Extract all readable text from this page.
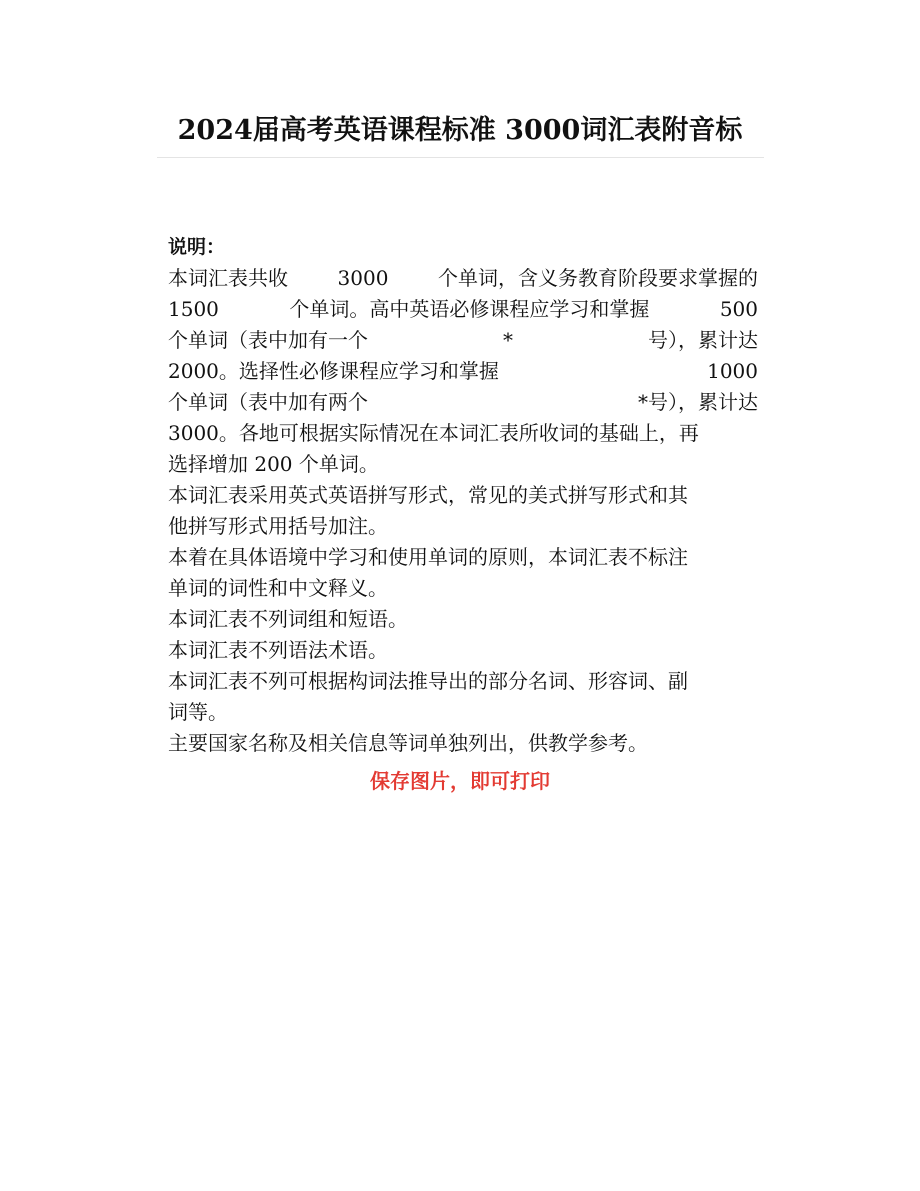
2024届高考英语课程标准 3000词汇表附音标
说明：
本词汇表共收 3000 个单词，含义务教育阶段要求掌握的
1500	个单词。高中英语必修课程应学习和掌握	500
个单词（表中加有一个	*	号），累计达
2000。选择性必修课程应学习和掌握	1000
个单词（表中加有两个	*号），累计达
3000。各地可根据实际情况在本词汇表所收词的基础上，再
选择增加 200 个单词。
本词汇表采用英式英语拼写形式，常见的美式拼写形式和其
他拼写形式用括号加注。
本着在具体语境中学习和使用单词的原则，本词汇表不标注
单词的词性和中文释义。
本词汇表不列词组和短语。
本词汇表不列语法术语。
本词汇表不列可根据构词法推导出的部分名词、形容词、副
词等。
主要国家名称及相关信息等词单独列出，供教学参考。
保存图片，即可打印
